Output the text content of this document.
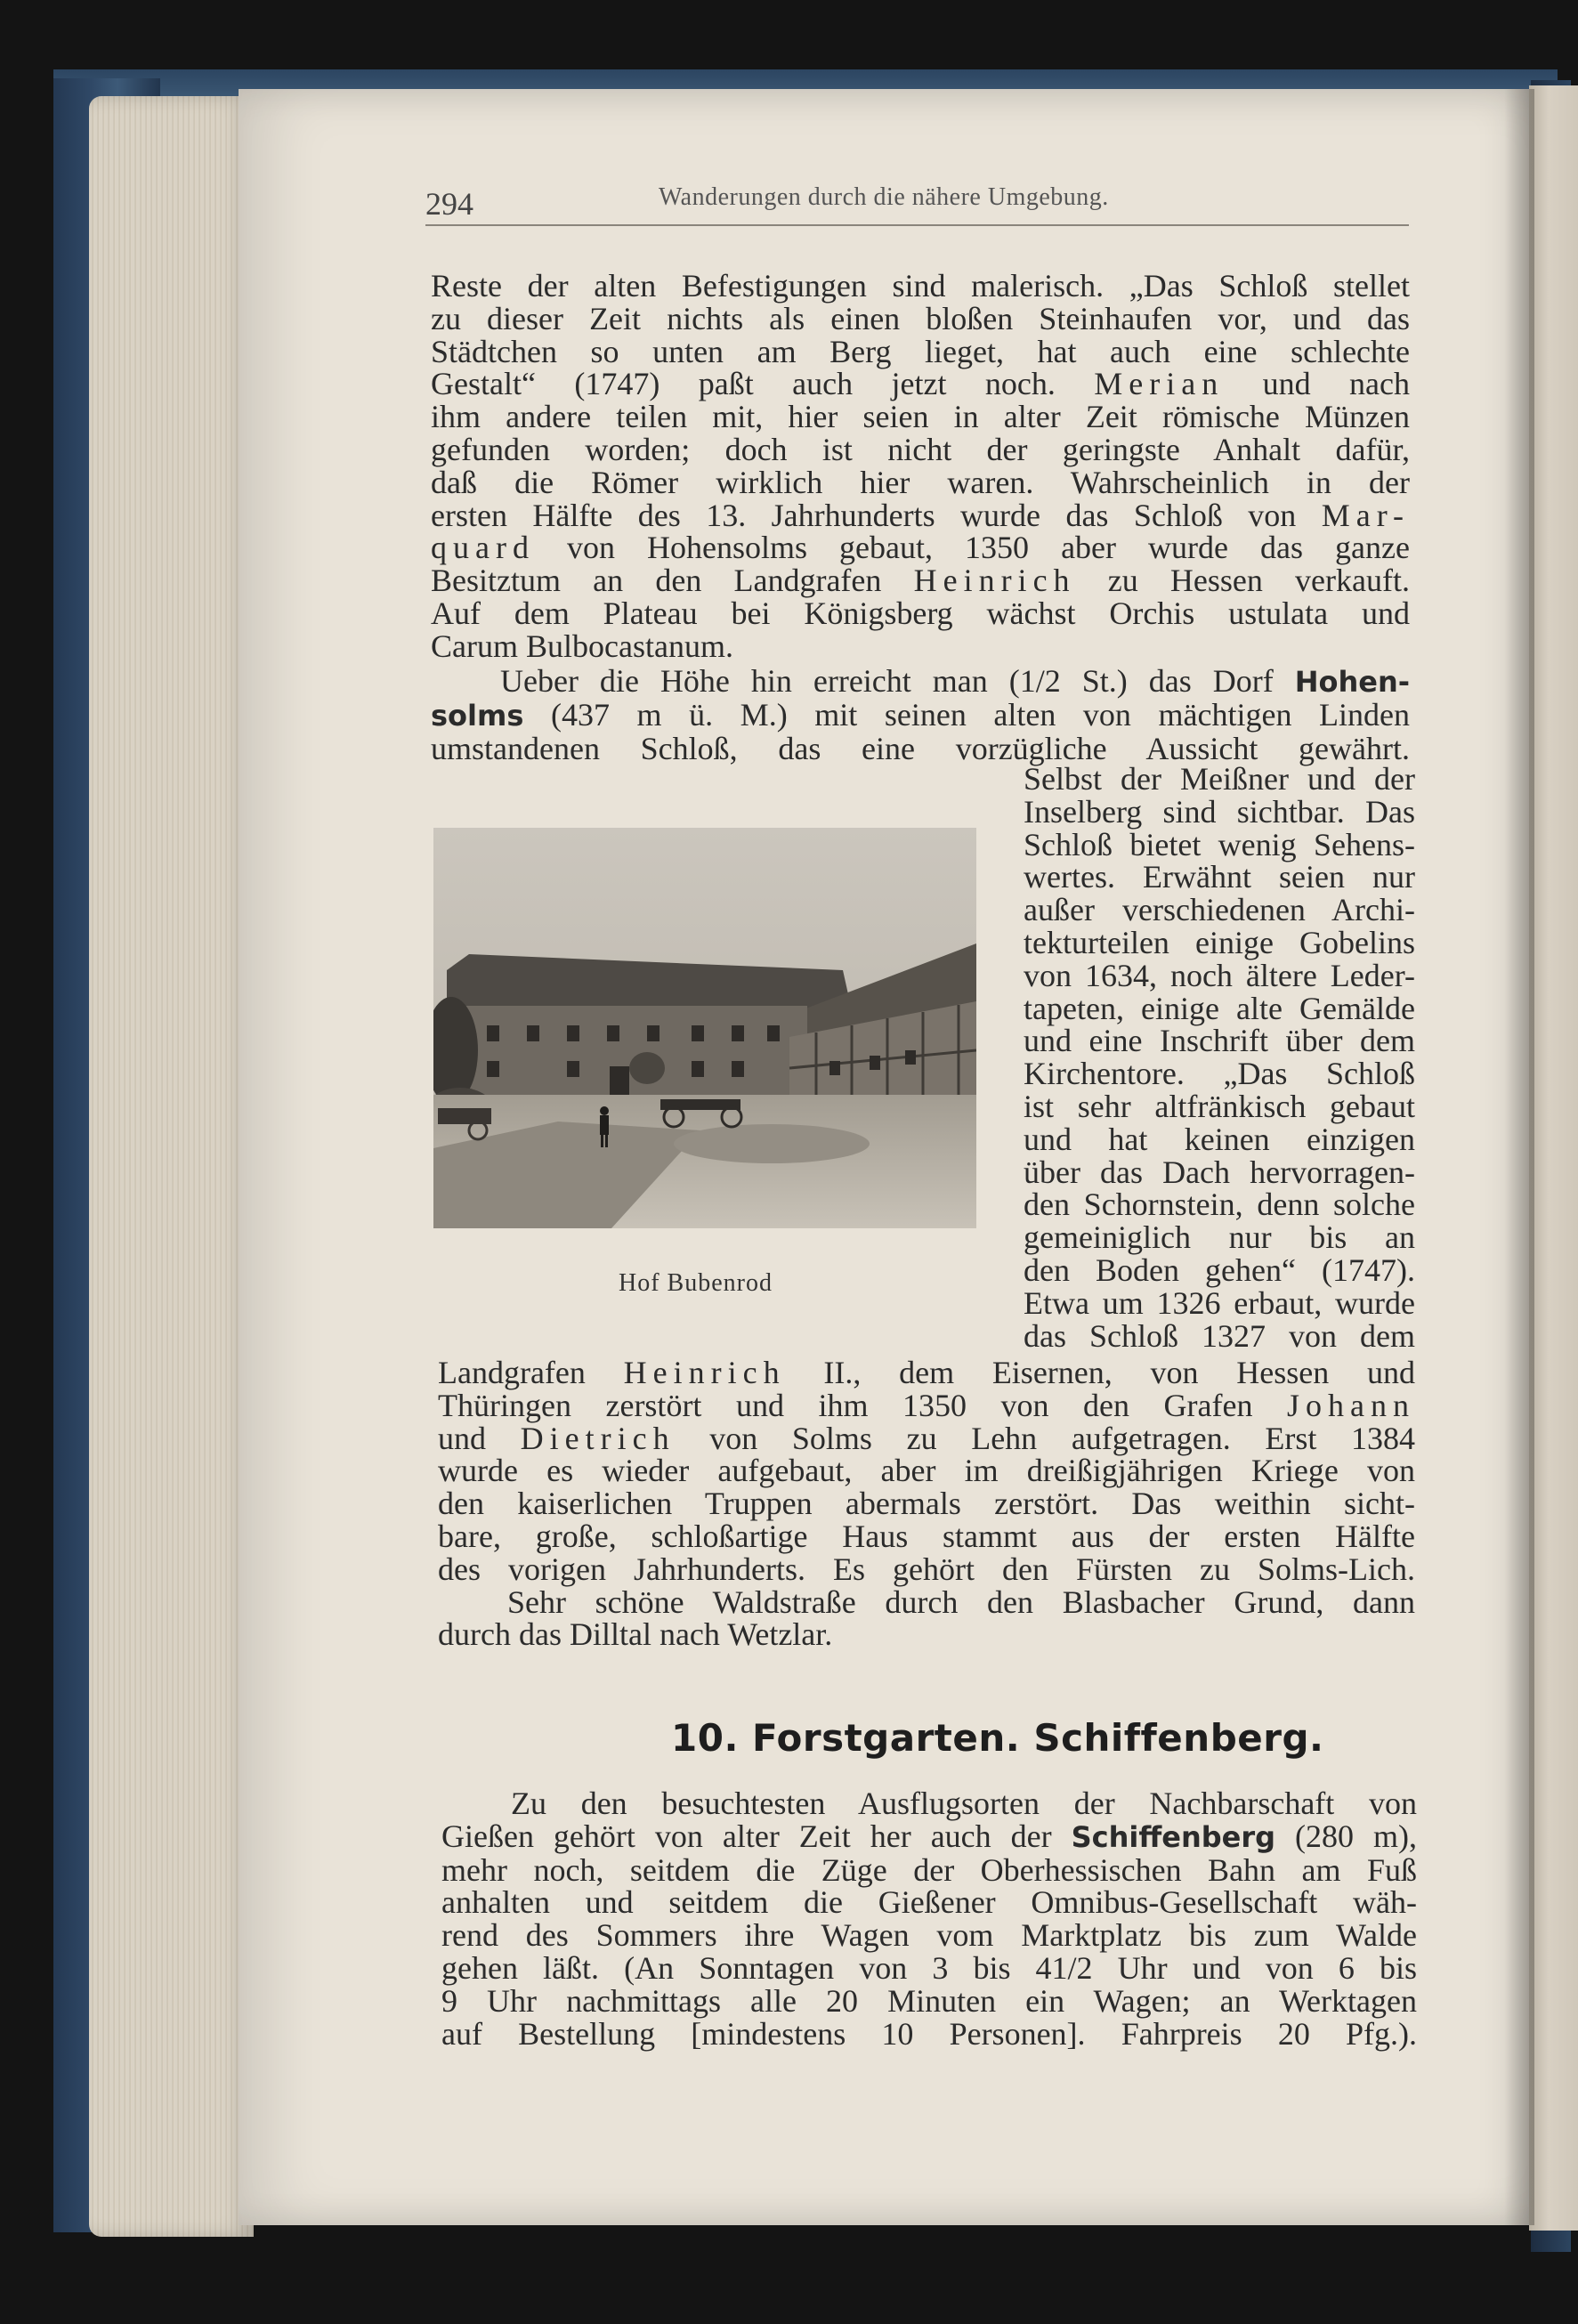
294	Wanderungen durch die nähere Umgebung.
Reste der alten Befestigungen sind malerisch. „Das Schloß stellet
zu dieser Zeit nichts als einen bloßen Steinhaufen vor, und das
Städtchen so unten am Berg lieget, hat auch eine schlechte
Gestalt“ (1747) paßt auch jetzt noch. Merian und nach
ihm andere teilen mit, hier seien in alter Zeit römische Münzen
gefunden worden; doch ist nicht der geringste Anhalt dafür,
daß die Römer wirklich hier waren. Wahrscheinlich in der
ersten Hälfte des 13. Jahrhunderts wurde das Schloß von Mar-
quard von Hohensolms gebaut, 1350 aber wurde das ganze
Besitztum an den Landgrafen Heinrich zu Hessen verkauft.
Auf dem Plateau bei Königsberg wächst Orchis ustulata und
Carum Bulbocastanum.
Ueber die Höhe hin erreicht man (1/2 St.) das Dorf Hohen-
solms (437 m ü. M.) mit seinen alten von mächtigen Linden
umstandenen Schloß, das eine vorzügliche Aussicht gewährt.
Selbst der Meißner und der
Inselberg sind sichtbar. Das
Schloß bietet wenig Sehens-
wertes. Erwähnt seien nur
außer verschiedenen Archi-
tekturteilen einige Gobelins
von 1634, noch ältere Leder-
tapeten, einige alte Gemälde
und eine Inschrift über dem
Kirchentore. „Das Schloß
ist sehr altfränkisch gebaut
und hat keinen einzigen
über das Dach hervorragen-
den Schornstein, denn solche
gemeiniglich nur bis an
den Boden gehen“ (1747).
Etwa um 1326 erbaut, wurde
das Schloß 1327 von dem
Hof Bubenrod
Landgrafen Heinrich II., dem Eisernen, von Hessen und
Thüringen zerstört und ihm 1350 von den Grafen Johann
und Dietrich von Solms zu Lehn aufgetragen. Erst 1384
wurde es wieder aufgebaut, aber im dreißigjährigen Kriege von
den kaiserlichen Truppen abermals zerstört. Das weithin sicht-
bare, große, schloßartige Haus stammt aus der ersten Hälfte
des vorigen Jahrhunderts. Es gehört den Fürsten zu Solms-Lich.
Sehr schöne Waldstraße durch den Blasbacher Grund, dann
durch das Dilltal nach Wetzlar.
10. Forstgarten. Schiffenberg.
Zu den besuchtesten Ausflugsorten der Nachbarschaft von
Gießen gehört von alter Zeit her auch der Schiffenberg (280 m),
mehr noch, seitdem die Züge der Oberhessischen Bahn am Fuß
anhalten und seitdem die Gießener Omnibus-Gesellschaft wäh-
rend des Sommers ihre Wagen vom Marktplatz bis zum Walde
gehen läßt. (An Sonntagen von 3 bis 41/2 Uhr und von 6 bis
9 Uhr nachmittags alle 20 Minuten ein Wagen; an Werktagen
auf Bestellung [mindestens 10 Personen]. Fahrpreis 20 Pfg.).
